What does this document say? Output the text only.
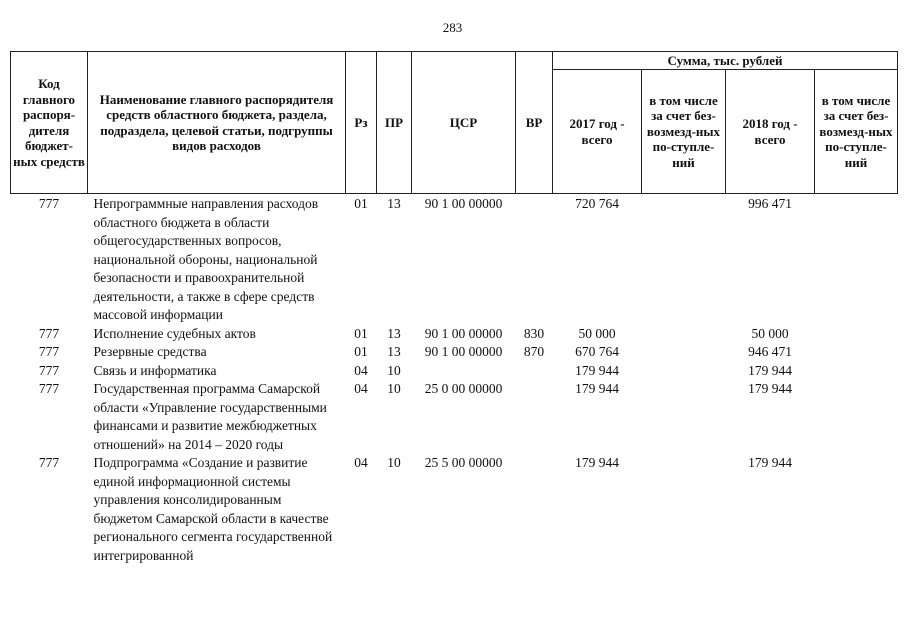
283
Код главного распоря-дителя бюджет-ных средств	Наименование главного распорядителя средств областного бюджета, раздела, подраздела, целевой статьи, подгруппы видов расходов	Рз	ПР	ЦСР	ВР	Сумма, тыс. рублей			
						2017 год - всего	в том числе за счет без-возмезд-ных по-ступле-ний	2018 год - всего	в том числе за счет без-возмезд-ных по-ступле-ний
777	Непрограммные направления расходов областного бюджета в области общегосударственных вопросов, национальной обороны, национальной безопасности и правоохранительной деятельности, а также в сфере средств массовой информации	01	13	90 1 00 00000		720 764		996 471	
777	Исполнение судебных актов	01	13	90 1 00 00000	830	50 000		50 000	
777	Резервные средства	01	13	90 1 00 00000	870	670 764		946 471	
777	Связь и информатика	04	10			179 944		179 944	
777	Государственная программа Самарской области «Управление государственными финансами и развитие межбюджетных отношений» на 2014 – 2020 годы	04	10	25 0 00 00000		179 944		179 944	
777	Подпрограмма «Создание и развитие единой информационной системы управления консолидированным бюджетом Самарской области в качестве регионального сегмента государственной интегрированной	04	10	25 5 00 00000		179 944		179 944	
